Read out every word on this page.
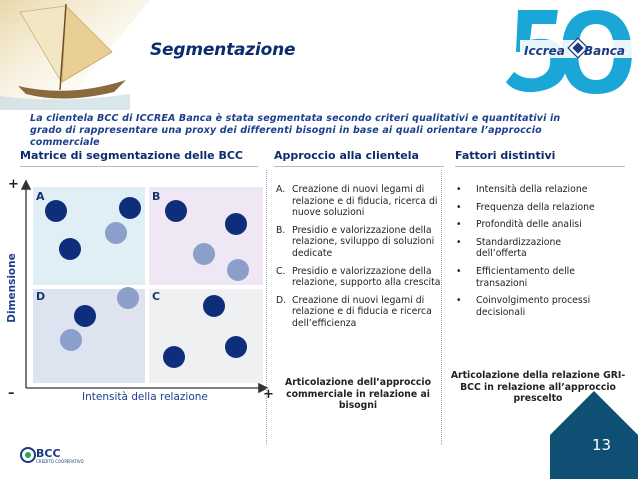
Segmentazione	Iccrea Banca
La clientela BCC di ICCREA Banca è stata segmentata secondo criteri qualitativi e quantitativi in grado di rappresentare una proxy dei differenti bisogni in base ai quali orientare l’approccio commerciale
Matrice di segmentazione delle BCC	Approccio alla clientela	Fattori distintivi
A	B
D	C
+
–	+
Intensità della relazione
Dimensione
A. Creazione di nuovi legami di relazione e di fiducia, ricerca di nuove soluzioni
B. Presidio e valorizzazione della relazione, sviluppo di soluzioni dedicate
C. Presidio e valorizzazione della relazione, supporto alla crescita
D. Creazione di nuovi legami di relazione e di fiducia e ricerca dell’efficienza
Articolazione dell’approccio commerciale in relazione ai bisogni
•	Intensità della relazione
•	Frequenza della relazione
•	Profondità delle analisi
•	Standardizzazione dell’offerta
•	Efficientamento delle transazioni
•	Coinvolgimento processi decisionali
Articolazione della relazione GRI-BCC in relazione all’approccio prescelto
13
BCC
CREDITO COOPERATIVO
